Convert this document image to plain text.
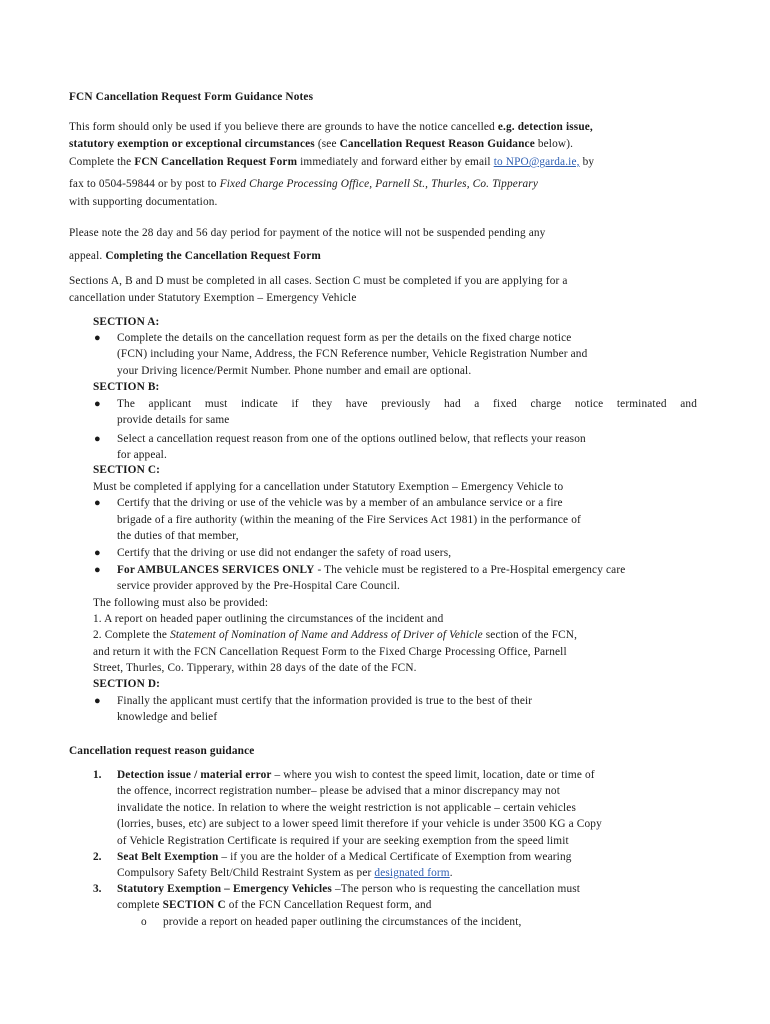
FCN Cancellation Request Form Guidance Notes
This form should only be used if you believe there are grounds to have the notice cancelled e.g. detection issue,
statutory exemption or exceptional circumstances (see Cancellation Request Reason Guidance below).
Complete the FCN Cancellation Request Form immediately and forward either by email to NPO@garda.ie, by
fax to 0504-59844 or by post to Fixed Charge Processing Office, Parnell St., Thurles, Co. Tipperary
with supporting documentation.
Please note the 28 day and 56 day period for payment of the notice will not be suspended pending any
appeal. Completing the Cancellation Request Form
Sections A, B and D must be completed in all cases. Section C must be completed if you are applying for a
cancellation under Statutory Exemption – Emergency Vehicle
SECTION A:
● Complete the details on the cancellation request form as per the details on the fixed charge notice
(FCN) including your Name, Address, the FCN Reference number, Vehicle Registration Number and
your Driving licence/Permit Number. Phone number and email are optional.
SECTION B:
● The applicant must indicate if they have previously had a fixed charge notice terminated and
provide details for same
● Select a cancellation request reason from one of the options outlined below, that reflects your reason
for appeal.
SECTION C:
Must be completed if applying for a cancellation under Statutory Exemption – Emergency Vehicle to
● Certify that the driving or use of the vehicle was by a member of an ambulance service or a fire
brigade of a fire authority (within the meaning of the Fire Services Act 1981) in the performance of
the duties of that member,
● Certify that the driving or use did not endanger the safety of road users,
● For AMBULANCES SERVICES ONLY - The vehicle must be registered to a Pre-Hospital emergency care
service provider approved by the Pre-Hospital Care Council.
The following must also be provided:
1. A report on headed paper outlining the circumstances of the incident and
2. Complete the Statement of Nomination of Name and Address of Driver of Vehicle section of the FCN,
and return it with the FCN Cancellation Request Form to the Fixed Charge Processing Office, Parnell
Street, Thurles, Co. Tipperary, within 28 days of the date of the FCN.
SECTION D:
● Finally the applicant must certify that the information provided is true to the best of their
knowledge and belief
Cancellation request reason guidance
1. Detection issue / material error – where you wish to contest the speed limit, location, date or time of
the offence, incorrect registration number– please be advised that a minor discrepancy may not
invalidate the notice. In relation to where the weight restriction is not applicable – certain vehicles
(lorries, buses, etc) are subject to a lower speed limit therefore if your vehicle is under 3500 KG a Copy
of Vehicle Registration Certificate is required if your are seeking exemption from the speed limit
2. Seat Belt Exemption – if you are the holder of a Medical Certificate of Exemption from wearing
Compulsory Safety Belt/Child Restraint System as per designated form.
3. Statutory Exemption – Emergency Vehicles –The person who is requesting the cancellation must
complete SECTION C of the FCN Cancellation Request form, and
o provide a report on headed paper outlining the circumstances of the incident,
